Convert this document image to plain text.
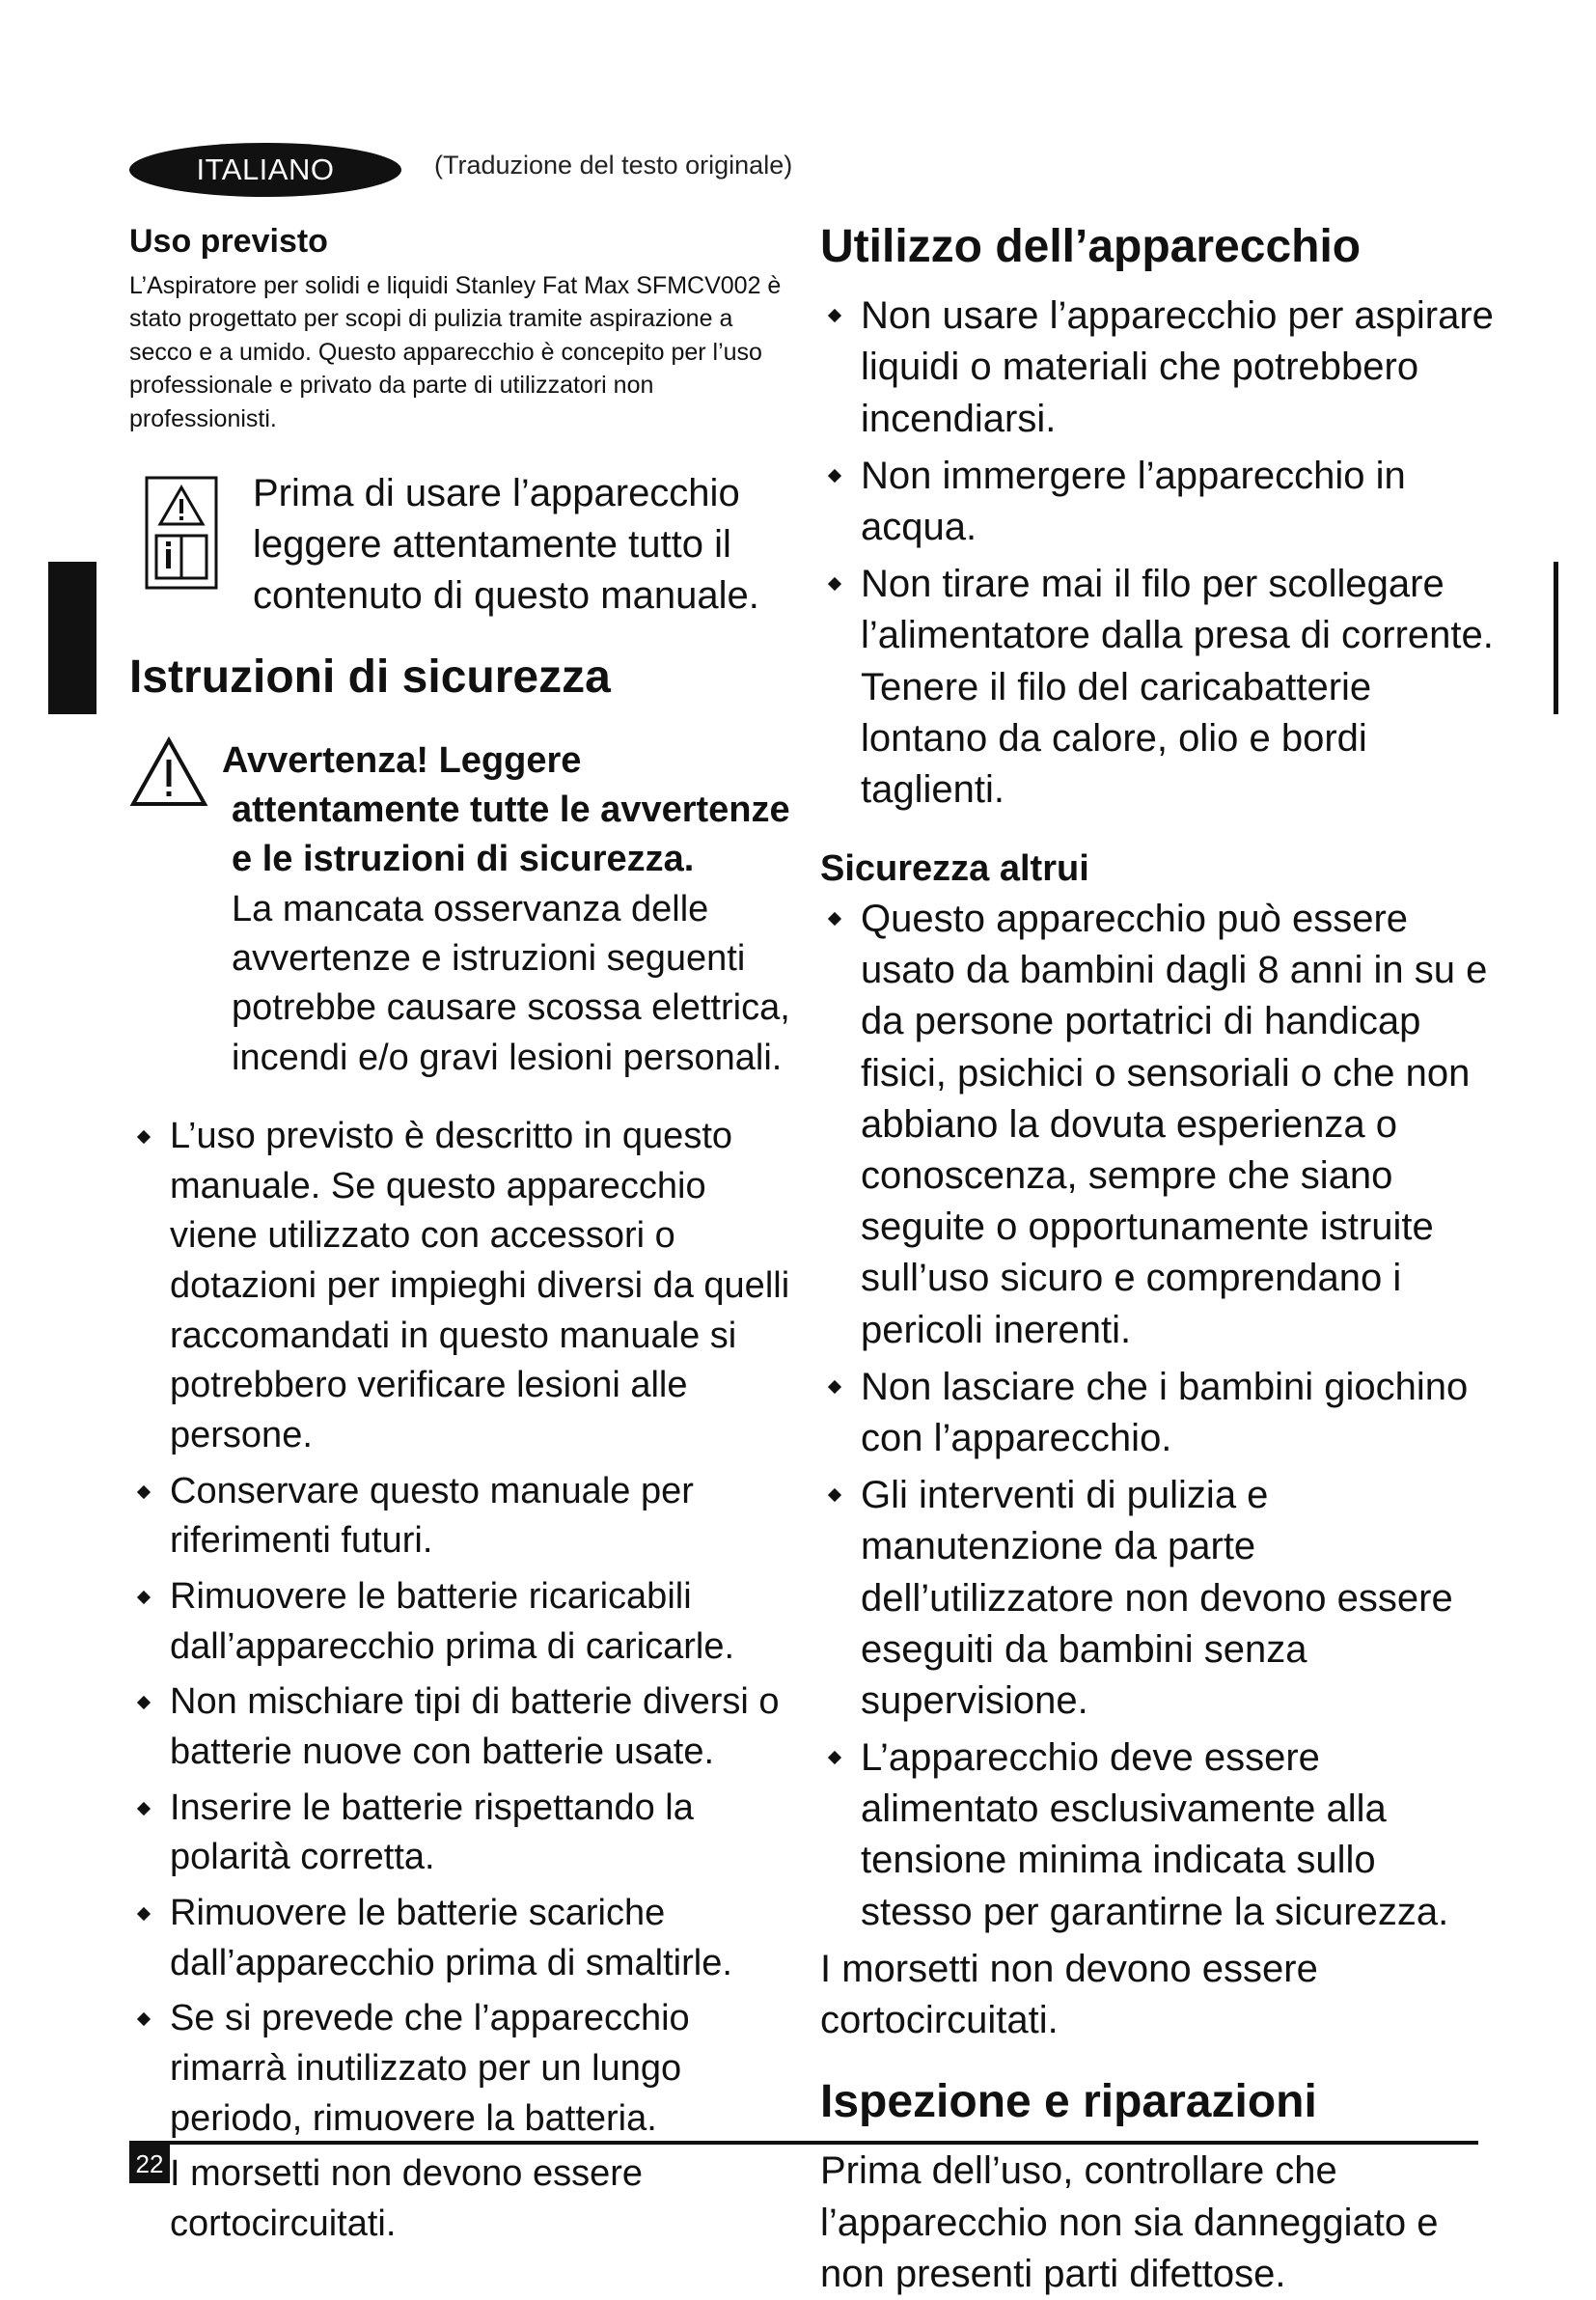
ITALIANO	(Traduzione del testo originale)
Uso previsto

L’Aspiratore per solidi e liquidi Stanley Fat Max SFMCV002 è stato progettato per scopi di pulizia tramite aspirazione a secco e a umido. Questo apparecchio è concepito per l’uso professionale e privato da parte di utilizzatori non professionisti.

Prima di usare l’apparecchio leggere attentamente tutto il contenuto di questo manuale.
Istruzioni di sicurezza
Avvertenza! Leggere
attentamente tutte le avvertenze e le istruzioni di sicurezza.
La mancata osservanza delle avvertenze e istruzioni seguenti potrebbe causare scossa elettrica, incendi e/o gravi lesioni personali.
L’uso previsto è descritto in questo manuale. Se questo apparecchio viene utilizzato con accessori o dotazioni per impieghi diversi da quelli raccomandati in questo manuale si potrebbero verificare lesioni alle persone.
Conservare questo manuale per riferimenti futuri.
Rimuovere le batterie ricaricabili dall’apparecchio prima di caricarle.
Non mischiare tipi di batterie diversi o batterie nuove con batterie usate.
Inserire le batterie rispettando la polarità corretta.
Rimuovere le batterie scariche dall’apparecchio prima di smaltirle.
Se si prevede che l’apparecchio rimarrà inutilizzato per un lungo periodo, rimuovere la batteria.
I morsetti non devono essere cortocircuitati.
Utilizzo dell’apparecchio
Non usare l’apparecchio per aspirare liquidi o materiali che potrebbero incendiarsi.
Non immergere l’apparecchio in acqua.
Non tirare mai il filo per scollegare l’alimentatore dalla presa di corrente. Tenere il filo del caricabatterie lontano da calore, olio e bordi taglienti.
Sicurezza altrui
Questo apparecchio può essere usato da bambini dagli 8 anni in su e da persone portatrici di handicap fisici, psichici o sensoriali o che non abbiano la dovuta esperienza o conoscenza, sempre che siano seguite o opportunamente istruite sull’uso sicuro e comprendano i pericoli inerenti.
Non lasciare che i bambini giochino con l’apparecchio.
Gli interventi di pulizia e manutenzione da parte dell’utilizzatore non devono essere eseguiti da bambini senza supervisione.
L’apparecchio deve essere alimentato esclusivamente alla tensione minima indicata sullo stesso per garantirne la sicurezza.

I morsetti non devono essere cortocircuitati.

Ispezione e riparazioni

Prima dell’uso, controllare che l’apparecchio non sia danneggiato e non presenti parti difettose.

22
